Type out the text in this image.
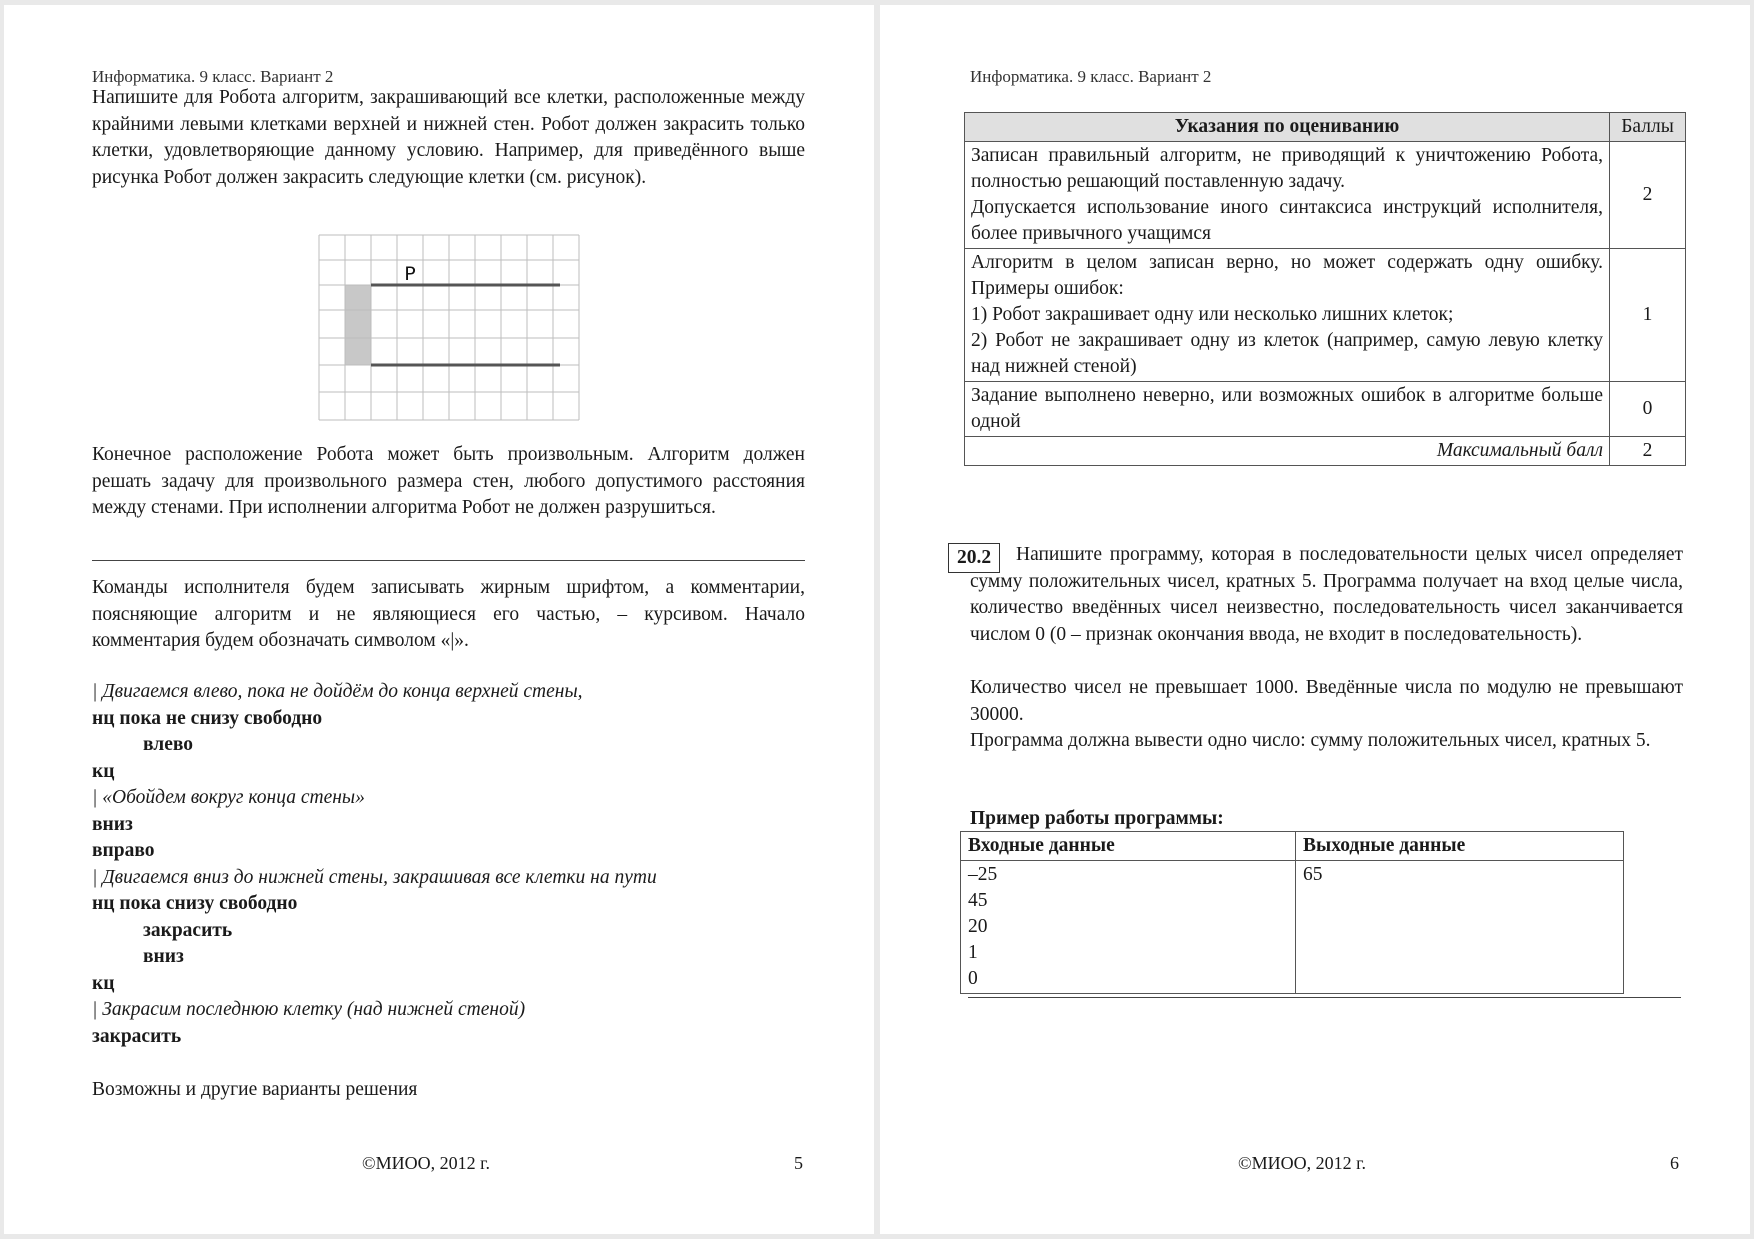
Информатика. 9 класс. Вариант 2
Напишите для Робота алгоритм, закрашивающий все клетки, расположенные между крайними левыми клетками верхней и нижней стен. Робот должен закрасить только клетки, удовлетворяющие данному условию. Например, для приведённого выше рисунка Робот должен закрасить следующие клетки (см. рисунок).
Р
Конечное расположение Робота может быть произвольным. Алгоритм должен решать задачу для произвольного размера стен, любого допустимого расстояния между стенами. При исполнении алгоритма Робот не должен разрушиться.
Команды исполнителя будем записывать жирным шрифтом, а комментарии, поясняющие алгоритм и не являющиеся его частью, – курсивом. Начало комментария будем обозначать символом «|».
| Двигаемся влево, пока не дойдём до конца верхней стены,
нц пока не снизу свободно
влево
кц
| «Обойдем вокруг конца стены»
вниз
вправо
| Двигаемся вниз до нижней стены, закрашивая все клетки на пути
нц пока снизу свободно
закрасить
вниз
кц
| Закрасим последнюю клетку (над нижней стеной)
закрасить
Возможны и другие варианты решения
©МИОО, 2012 г.	5
Информатика. 9 класс. Вариант 2
Указания по оцениванию	Баллы

Записан правильный алгоритм, не приводящий к уничтожению Робота, полностью решающий поставленную задачу.
Допускается использование иного синтаксиса инструкций исполнителя, более привычного учащимся	2

Алгоритм в целом записан верно, но может содержать одну ошибку. Примеры ошибок:
1) Робот закрашивает одну или несколько лишних клеток;
2) Робот не закрашивает одну из клеток (например, самую левую клетку над нижней стеной)	1

Задание выполнено неверно, или возможных ошибок в алгоритме больше одной	0
Максимальный балл	2
20.2	Напишите программу, которая в последовательности целых чисел определяет сумму положительных чисел, кратных 5. Программа получает на вход целые числа, количество введённых чисел неизвестно, последовательность чисел заканчивается числом 0 (0 – признак окончания ввода, не входит в последовательность).
Количество чисел не превышает 1000. Введённые числа по модулю не превышают 30000.
Программа должна вывести одно число: сумму положительных чисел, кратных 5.
Пример работы программы:
Входные данные	Выходные данные

–25
45
20
1
0	65
©МИОО, 2012 г.	6
